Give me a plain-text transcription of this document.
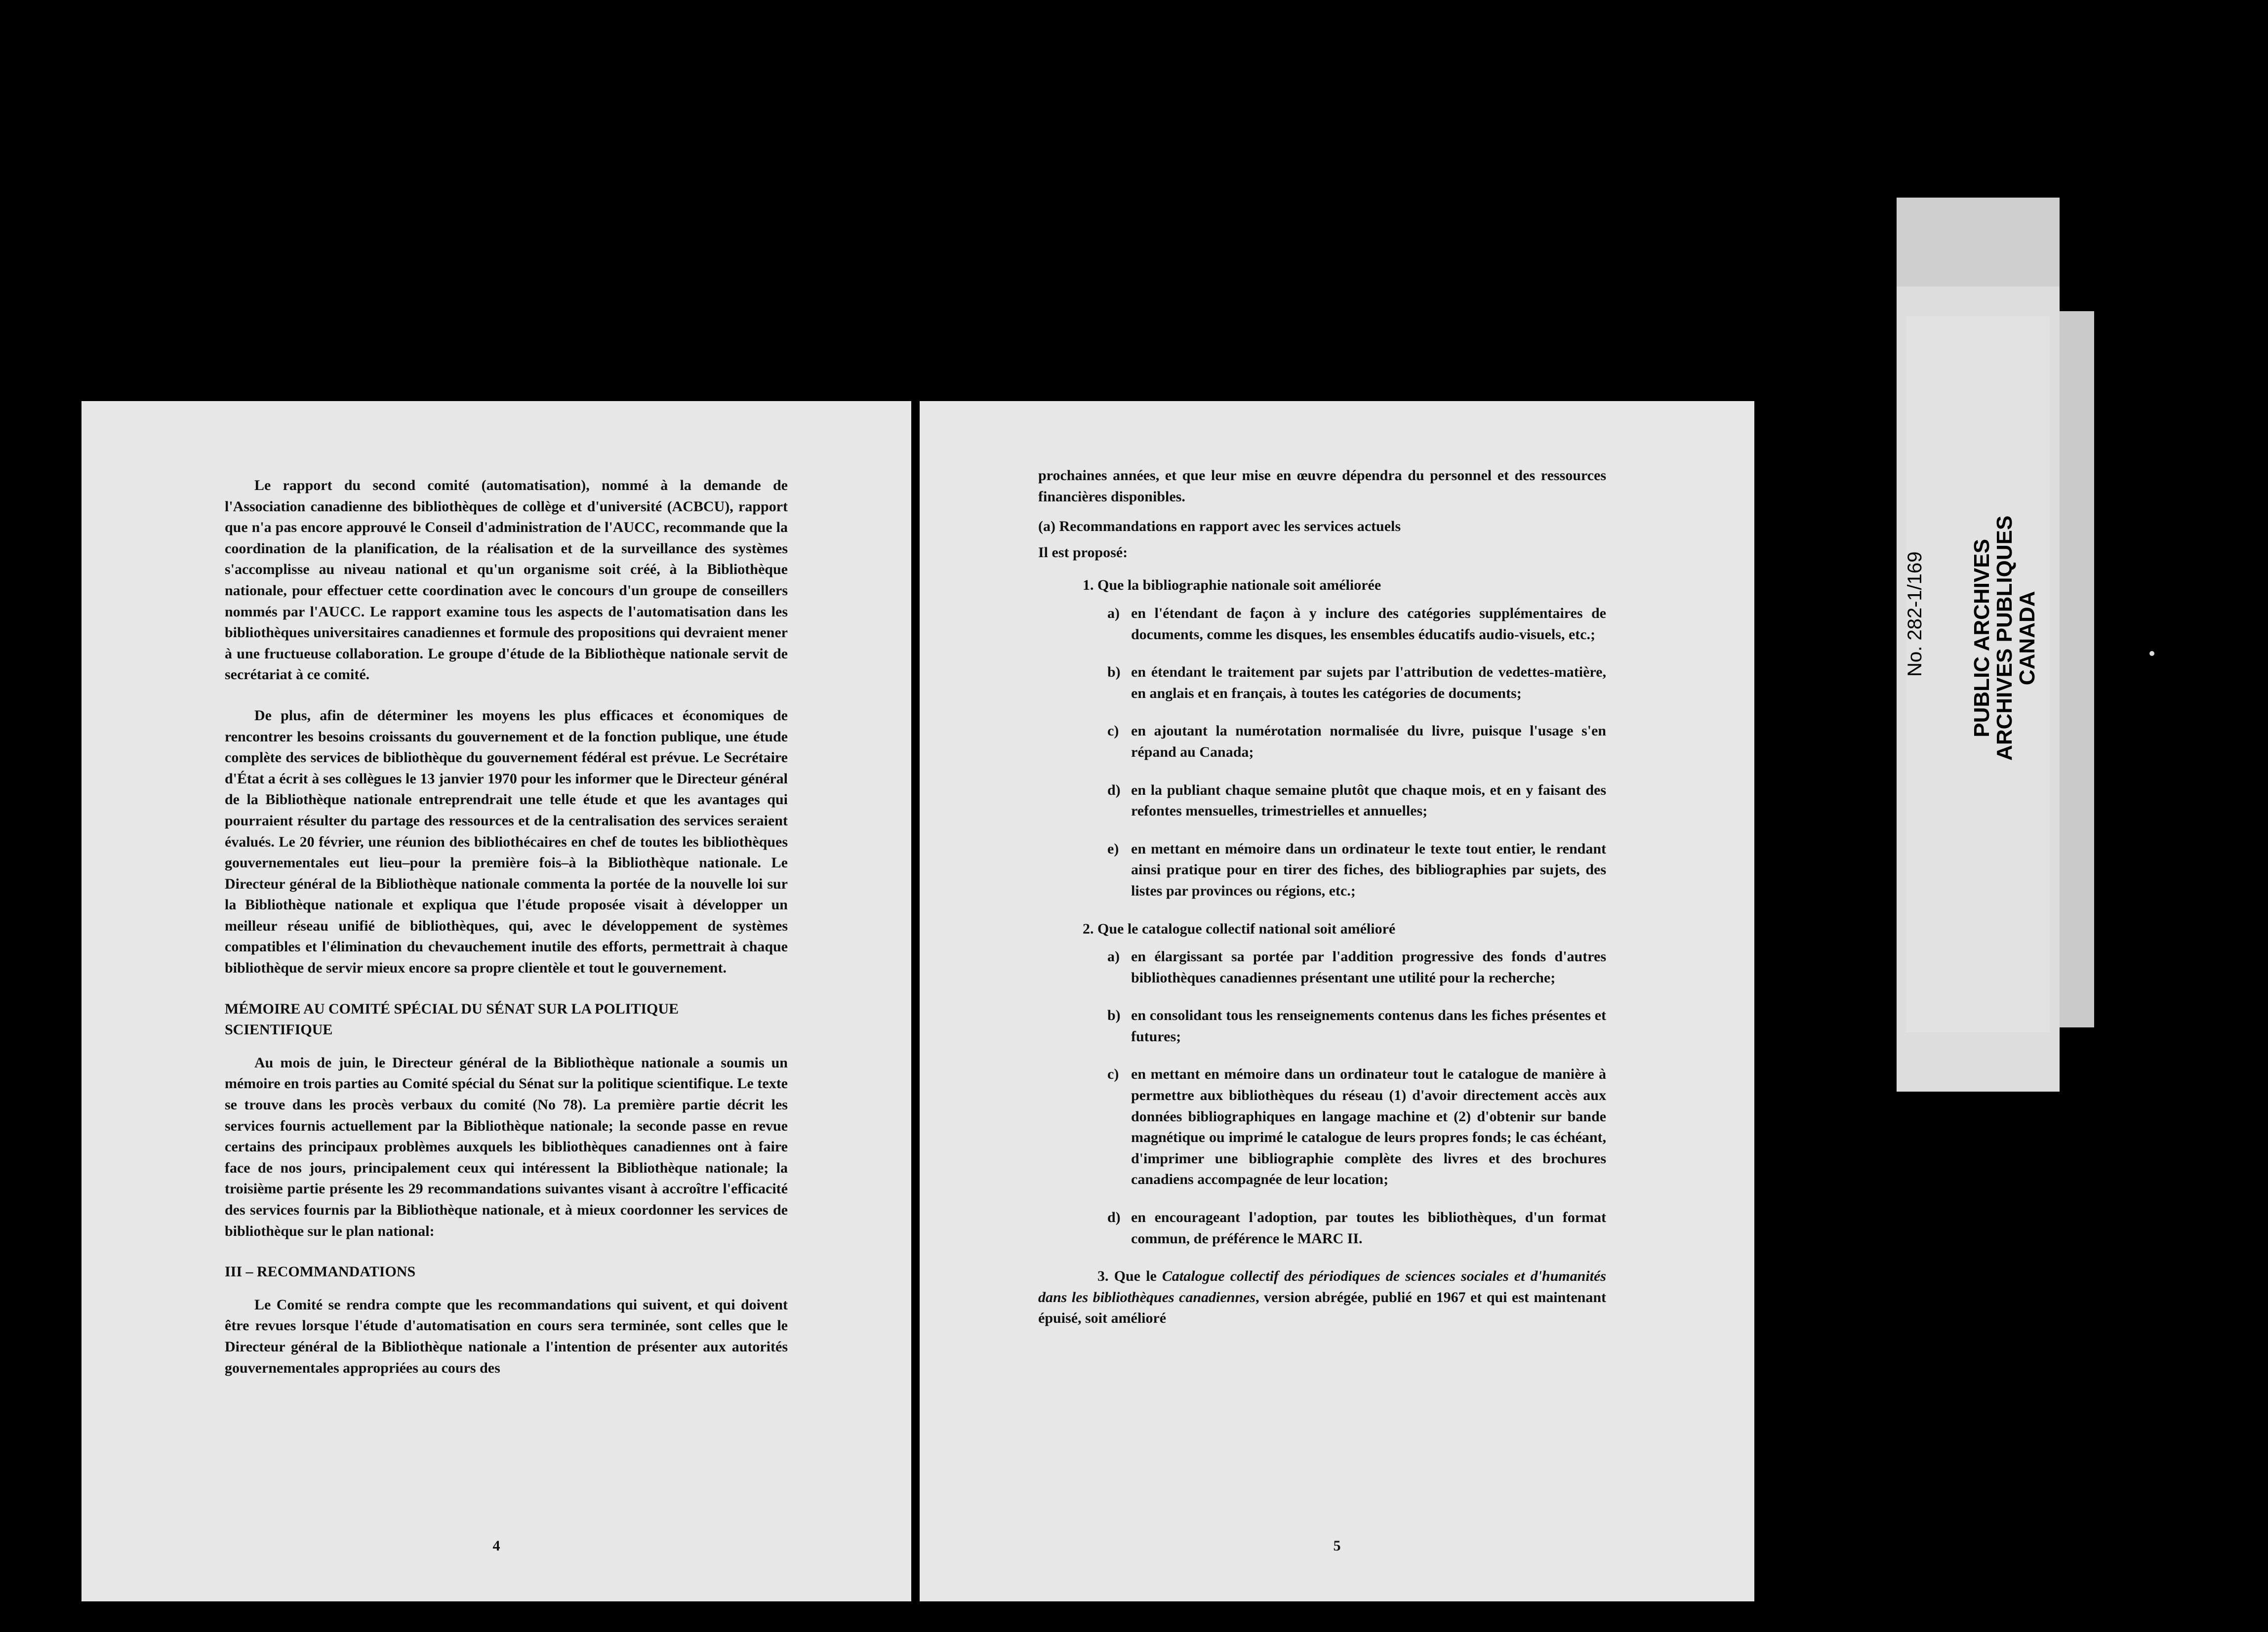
Le rapport du second comité (automatisation), nommé à la demande de l'Association canadienne des bibliothèques de collège et d'université (ACBCU), rapport que n'a pas encore approuvé le Conseil d'administration de l'AUCC, recommande que la coordination de la planification, de la réalisation et de la surveillance des systèmes s'accomplisse au niveau national et qu'un organisme soit créé, à la Bibliothèque nationale, pour effectuer cette coordination avec le concours d'un groupe de conseillers nommés par l'AUCC. Le rapport examine tous les aspects de l'automatisation dans les bibliothèques universitaires canadiennes et formule des propositions qui devraient mener à une fructueuse collaboration. Le groupe d'étude de la Bibliothèque nationale servit de secrétariat à ce comité.

De plus, afin de déterminer les moyens les plus efficaces et économiques de rencontrer les besoins croissants du gouvernement et de la fonction publique, une étude complète des services de bibliothèque du gouvernement fédéral est prévue. Le Secrétaire d'État a écrit à ses collègues le 13 janvier 1970 pour les informer que le Directeur général de la Bibliothèque nationale entreprendrait une telle étude et que les avantages qui pourraient résulter du partage des ressources et de la centralisation des services seraient évalués. Le 20 février, une réunion des bibliothécaires en chef de toutes les bibliothèques gouvernementales eut lieu–pour la première fois–à la Bibliothèque nationale. Le Directeur général de la Bibliothèque nationale commenta la portée de la nouvelle loi sur la Bibliothèque nationale et expliqua que l'étude proposée visait à développer un meilleur réseau unifié de bibliothèques, qui, avec le développement de systèmes compatibles et l'élimination du chevauchement inutile des efforts, permettrait à chaque bibliothèque de servir mieux encore sa propre clientèle et tout le gouvernement.

MÉMOIRE AU COMITÉ SPÉCIAL DU SÉNAT SUR LA POLITIQUE SCIENTIFIQUE

Au mois de juin, le Directeur général de la Bibliothèque nationale a soumis un mémoire en trois parties au Comité spécial du Sénat sur la politique scientifique. Le texte se trouve dans les procès verbaux du comité (No 78). La première partie décrit les services fournis actuellement par la Bibliothèque nationale; la seconde passe en revue certains des principaux problèmes auxquels les bibliothèques canadiennes ont à faire face de nos jours, principalement ceux qui intéressent la Bibliothèque nationale; la troisième partie présente les 29 recommandations suivantes visant à accroître l'efficacité des services fournis par la Bibliothèque nationale, et à mieux coordonner les services de bibliothèque sur le plan national:

III – RECOMMANDATIONS

Le Comité se rendra compte que les recommandations qui suivent, et qui doivent être revues lorsque l'étude d'automatisation en cours sera terminée, sont celles que le Directeur général de la Bibliothèque nationale a l'intention de présenter aux autorités gouvernementales appropriées au cours des

4

prochaines années, et que leur mise en œuvre dépendra du personnel et des ressources financières disponibles.

(a) Recommandations en rapport avec les services actuels
Il est proposé:
1. Que la bibliographie nationale soit améliorée
a) en l'étendant de façon à y inclure des catégories supplémentaires de documents, comme les disques, les ensembles éducatifs audio-visuels, etc.;
b) en étendant le traitement par sujets par l'attribution de vedettes-matière, en anglais et en français, à toutes les catégories de documents;
c) en ajoutant la numérotation normalisée du livre, puisque l'usage s'en répand au Canada;
d) en la publiant chaque semaine plutôt que chaque mois, et en y faisant des refontes mensuelles, trimestrielles et annuelles;
e) en mettant en mémoire dans un ordinateur le texte tout entier, le rendant ainsi pratique pour en tirer des fiches, des bibliographies par sujets, des listes par provinces ou régions, etc.;
2. Que le catalogue collectif national soit amélioré
a) en élargissant sa portée par l'addition progressive des fonds d'autres bibliothèques canadiennes présentant une utilité pour la recherche;
b) en consolidant tous les renseignements contenus dans les fiches présentes et futures;
c) en mettant en mémoire dans un ordinateur tout le catalogue de manière à permettre aux bibliothèques du réseau (1) d'avoir directement accès aux données bibliographiques en langage machine et (2) d'obtenir sur bande magnétique ou imprimé le catalogue de leurs propres fonds; le cas échéant, d'imprimer une bibliographie complète des livres et des brochures canadiens accompagnée de leur location;
d) en encourageant l'adoption, par toutes les bibliothèques, d'un format commun, de préférence le MARC II.

3. Que le Catalogue collectif des périodiques de sciences sociales et d'humanités dans les bibliothèques canadiennes, version abrégée, publié en 1967 et qui est maintenant épuisé, soit amélioré

5
No. 282-1/169 PUBLIC ARCHIVES
ARCHIVES PUBLIQUES
CANADA
